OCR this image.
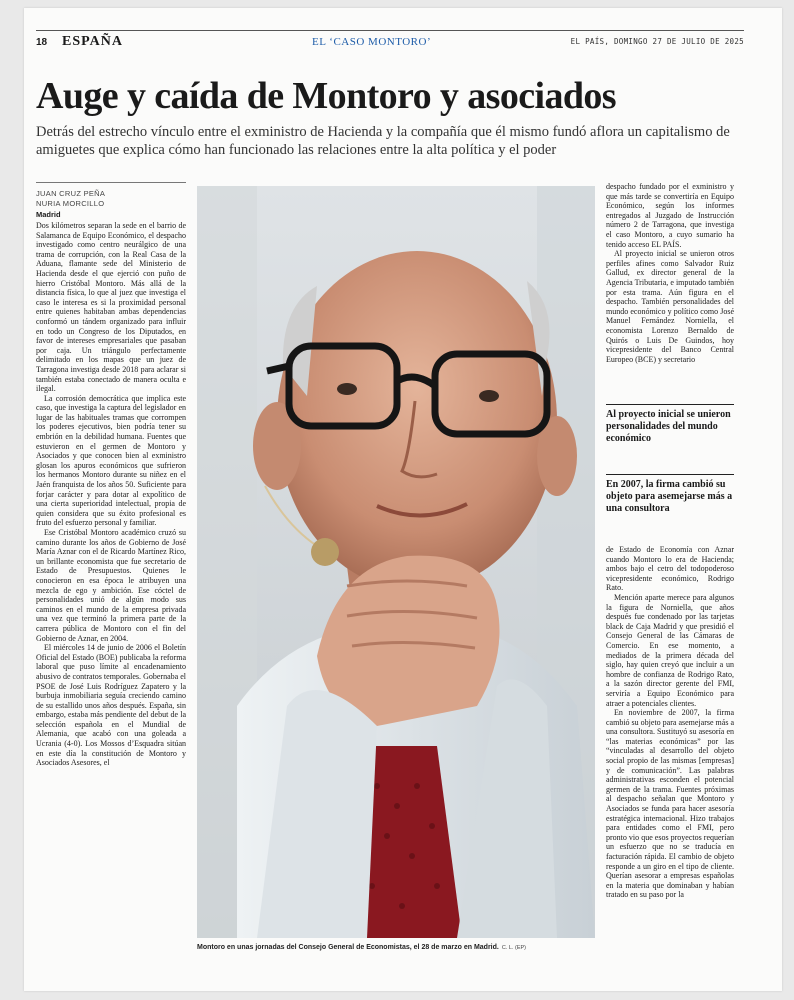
18 ESPAÑA	EL ‘CASO MONTORO’	EL PAÍS, DOMINGO 27 DE JULIO DE 2025
Auge y caída de Montoro y asociados

Detrás del estrecho vínculo entre el exministro de Hacienda y la compañía que él mismo fundó aflora un capitalismo de amiguetes que explica cómo han funcionado las relaciones entre la alta política y el poder

JUAN CRUZ PEÑA
NURIA MORCILLO
Madrid

Dos kilómetros separan la sede en el barrio de Salamanca de Equipo Económico, el despacho investigado como centro neurálgico de una trama de corrupción, con la Real Casa de la Aduana, flamante sede del Ministerio de Hacienda desde el que ejerció con puño de hierro Cristóbal Montoro. Más allá de la distancia física, lo que al juez que investiga el caso le interesa es si la proximidad personal entre quienes habitaban ambas dependencias conformó un tándem organizado para influir en todo un Congreso de los Diputados, en favor de intereses empresariales que pasaban por caja. Un triángulo perfectamente delimitado en los mapas que un juez de Tarragona investiga desde 2018 para aclarar si también estaba conectado de manera oculta e ilegal.

La corrosión democrática que implica este caso, que investiga la captura del legislador en lugar de las habituales tramas que corrompen los poderes ejecutivos, bien podría tener su embrión en la debilidad humana. Fuentes que estuvieron en el germen de Montoro y Asociados y que conocen bien al exministro glosan los apuros económicos que sufrieron los hermanos Montoro durante su niñez en el Jaén franquista de los años 50. Suficiente para forjar carácter y para dotar al expolítico de una cierta superioridad intelectual, propia de quien considera que su éxito profesional es fruto del esfuerzo personal y familiar.

Ese Cristóbal Montoro académico cruzó su camino durante los años de Gobierno de José María Aznar con el de Ricardo Martínez Rico, un brillante economista que fue secretario de Estado de Presupuestos. Quienes le conocieron en esa época le atribuyen una mezcla de ego y ambición. Ese cóctel de personalidades unió de algún modo sus caminos en el mundo de la empresa privada una vez que terminó la primera parte de la carrera pública de Montoro con el fin del Gobierno de Aznar, en 2004.

El miércoles 14 de junio de 2006 el Boletín Oficial del Estado (BOE) publicaba la reforma laboral que puso límite al encadenamiento abusivo de contratos temporales. Gobernaba el PSOE de José Luis Rodríguez Zapatero y la burbuja inmobiliaria seguía creciendo camino de su estallido unos años después. España, sin embargo, estaba más pendiente del debut de la selección española en el Mundial de Alemania, que acabó con una goleada a Ucrania (4-0). Los Mossos d’Esquadra sitúan en este día la constitución de Montoro y Asociados Asesores, el

Montoro en unas jornadas del Consejo General de Economistas, el 28 de marzo en Madrid. C. L. (EP)

despacho fundado por el exministro y que más tarde se convertiría en Equipo Económico, según los informes entregados al Juzgado de Instrucción número 2 de Tarragona, que investiga el caso Montoro, a cuyo sumario ha tenido acceso EL PAÍS.

Al proyecto inicial se unieron otros perfiles afines como Salvador Ruiz Gallud, ex director general de la Agencia Tributaria, e imputado también por esta trama. Aún figura en el despacho. También personalidades del mundo económico y político como José Manuel Fernández Norniella, el economista Lorenzo Bernaldo de Quirós o Luis De Guindos, hoy vicepresidente del Banco Central Europeo (BCE) y secretario

Al proyecto inicial se unieron personalidades del mundo económico
En 2007, la firma cambió su objeto para asemejarse más a una consultora

de Estado de Economía con Aznar cuando Montoro lo era de Hacienda; ambos bajo el cetro del todopoderoso vicepresidente económico, Rodrigo Rato.

Mención aparte merece para algunos la figura de Norniella, que años después fue condenado por las tarjetas black de Caja Madrid y que presidió el Consejo General de las Cámaras de Comercio. En ese momento, a mediados de la primera década del siglo, hay quien creyó que incluir a un hombre de confianza de Rodrigo Rato, a la sazón director gerente del FMI, serviría a Equipo Económico para atraer a potenciales clientes.

En noviembre de 2007, la firma cambió su objeto para asemejarse más a una consultora. Sustituyó su asesoría en “las materias económicas” por las “vinculadas al desarrollo del objeto social propio de las mismas [empresas] y de comunicación”. Las palabras administrativas esconden el potencial germen de la trama. Fuentes próximas al despacho señalan que Montoro y Asociados se funda para hacer asesoría estratégica internacional. Hizo trabajos para entidades como el FMI, pero pronto vio que esos proyectos requerían un esfuerzo que no se traducía en facturación rápida. El cambio de objeto responde a un giro en el tipo de cliente. Querían asesorar a empresas españolas en la materia que dominaban y habían tratado en su paso por la
